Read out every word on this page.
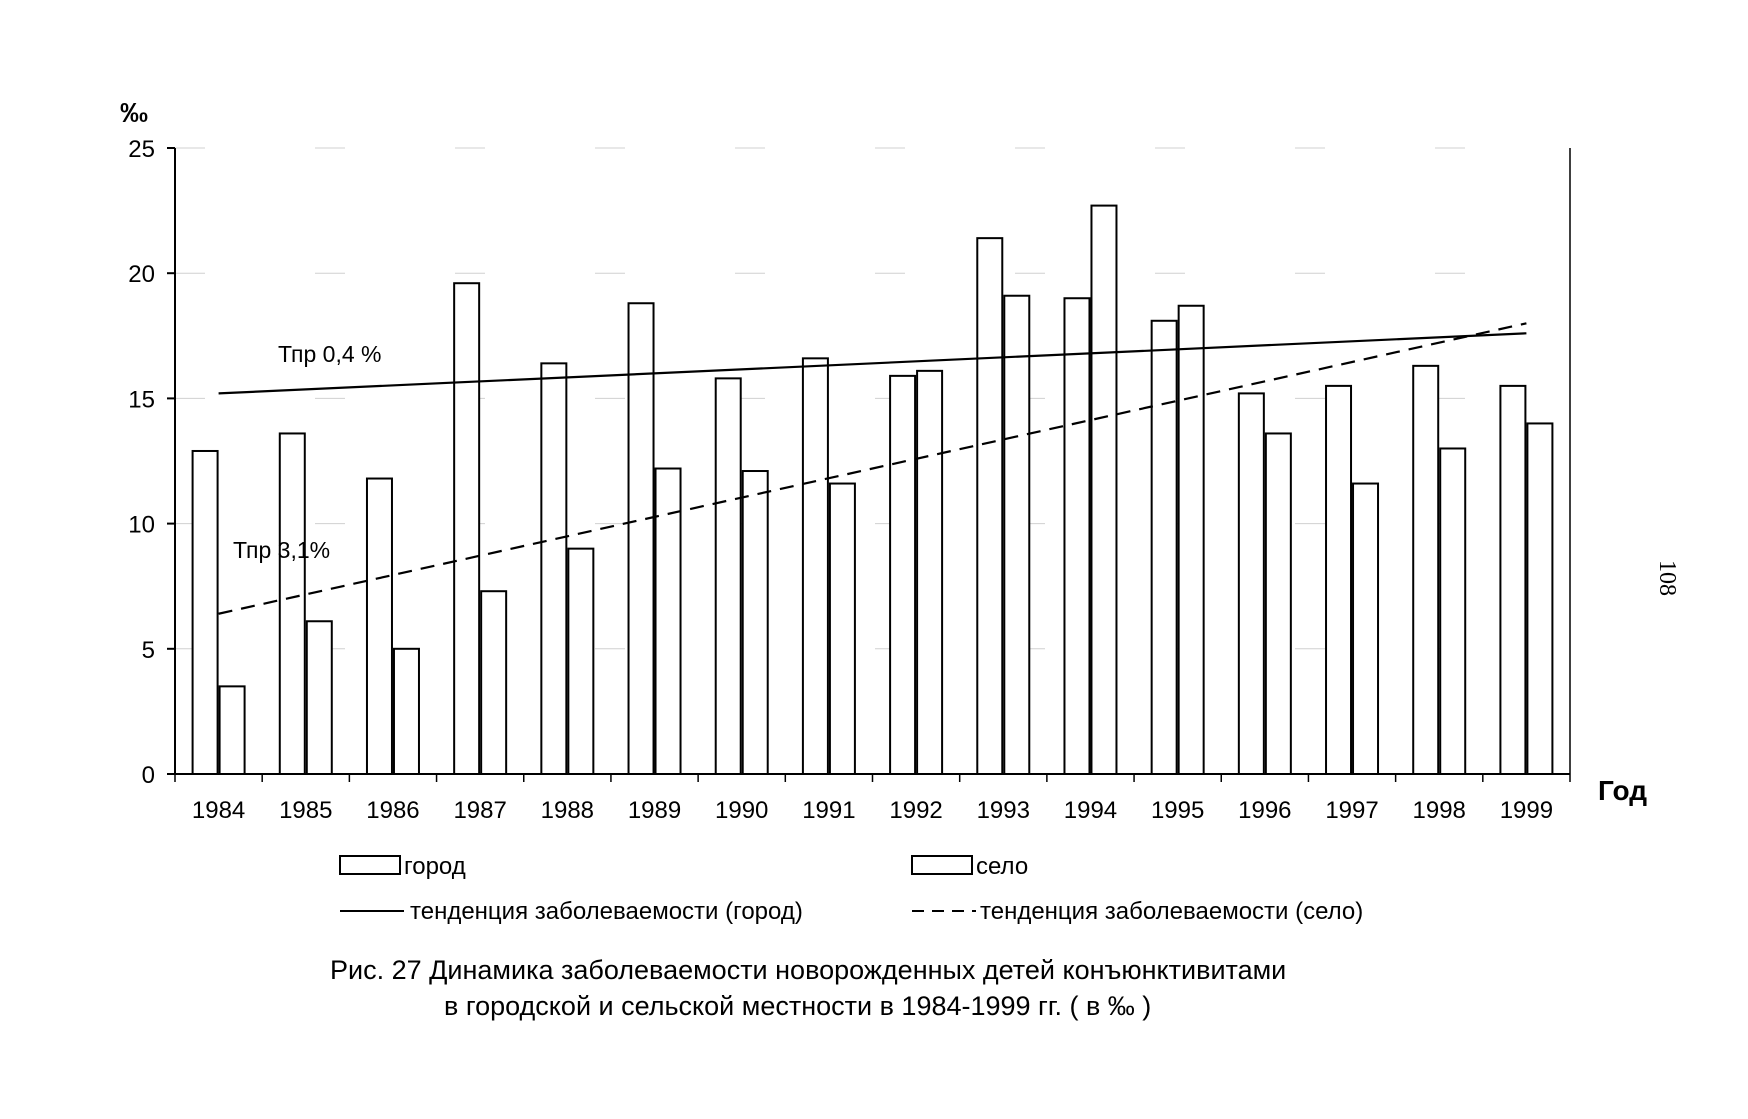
0
5
10
15
20
25
1984 1985 1986 1987 1988 1989 1990 1991 1992 1993 1994 1995 1996 1997 1998 1999
‰
Год
Тпр 0,4 %
Тпр 3,1%
город	село
тенденция заболеваемости (город)	тенденция заболеваемости (село)
Рис. 27 Динамика заболеваемости новорожденных детей конъюнктивитами
в городской и сельской местности в 1984-1999 гг. ( в ‰ )
108
